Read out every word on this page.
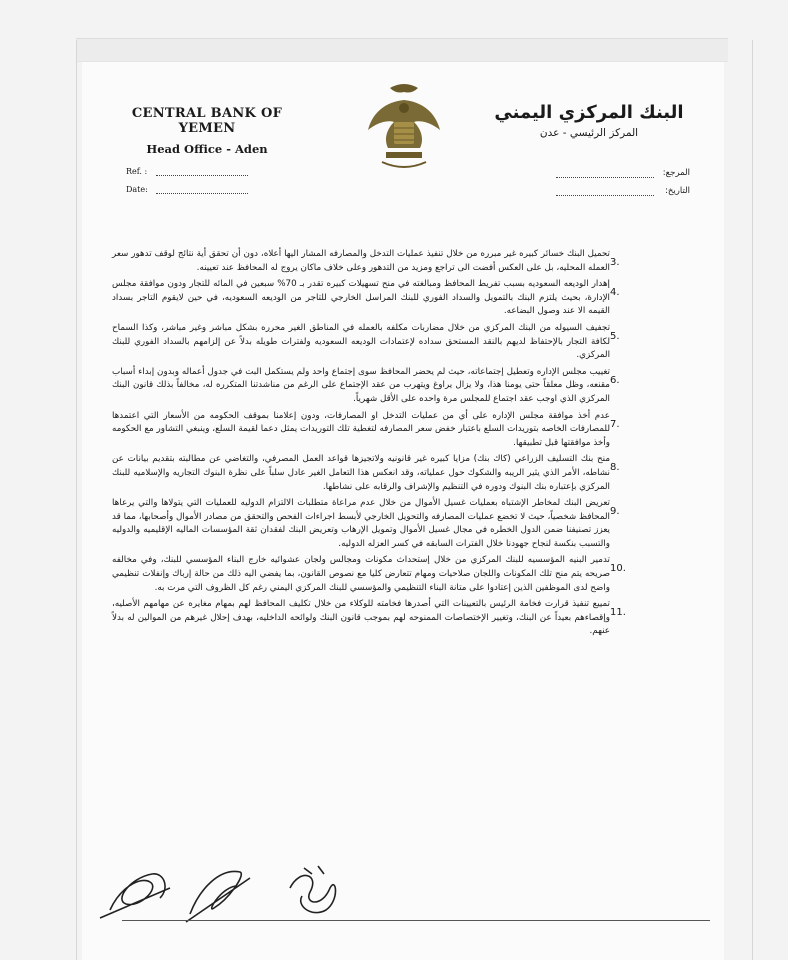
CENTRAL BANK OF YEMEN
Head Office - Aden
البنك المركزي اليمني
المركز الرئيسي - عدن
Ref. :
Date:
المرجع:
التاريخ:
3.
تحميل البنك خسائر كبيره غير مبرره من خلال تنفيذ عمليات التدخل والمصارفه المشار اليها أعلاه، دون أن تحقق أية نتائج لوقف تدهور سعر العمله المحليه، بل على العكس أفضت الى تراجع ومزيد من التدهور وعلى خلاف ماكان يروج له المحافظ عند تعيينه.
4.
إهدار الوديعه السعوديه بسبب تفريط المحافظ ومبالغته في منح تسهيلات كبيره تقدر بـ 70% سبعين في المائه للتجار ودون موافقة مجلس الإدارة، بحيث يلتزم البنك بالتمويل والسداد الفوري للبنك المراسل الخارجي للتاجر من الوديعه السعوديه، في حين لايقوم التاجر بسداد القيمه الا عند وصول البضاعه.
5.
تجفيف السيوله من البنك المركزي من خلال مضاربات مكلفه بالعمله في المناطق الغير محرره بشكل مباشر وغير مباشر، وكذا السماح لكافة التجار بالإحتفاظ لديهم بالنقد المستحق سداده لإعتمادات الوديعه السعوديه ولفترات طويله بدلاً عن إلزامهم بالسداد الفوري للبنك المركزي.
6.
تغييب مجلس الإداره وتعطيل إجتماعاته، حيث لم يحضر المحافظ سوى إجتماع واحد ولم يستكمل البت في جدول أعماله وبدون إبداء أسباب مقنعه، وظل معلقاً حتى يومنا هذا، ولا يزال يراوغ ويتهرب من عقد الإجتماع على الرغم من مناشدتنا المتكرره له، مخالفاً بذلك قانون البنك المركزي الذي اوجب عقد اجتماع للمجلس مرة واحده على الأقل شهرياً.
7.
عدم أخذ موافقة مجلس الإداره على أي من عمليات التدخل او المصارفات، ودون إعلامنا بموقف الحكومه من الأسعار التي اعتمدها للمصارفات الخاصه بتوريدات السلع باعتبار خفض سعر المصارفه لتغطية تلك التوريدات يمثل دعما لقيمة السلع، وينبغي التشاور مع الحكومه وأخذ موافقتها قبل تطبيقها.
8.
منح بنك التسليف الزراعي (كاك بنك) مزايا كبيره غير قانونيه ولاتجيزها قواعد العمل المصرفي، والتغاضي عن مطالبته بتقديم بيانات عن نشاطه، الأمر الذي يثير الريبه والشكوك حول عملياته، وقد انعكس هذا التعامل الغير عادل سلباً على نظرة البنوك التجاريه والإسلاميه للبنك المركزي بإعتباره بنك البنوك ودوره في التنظيم والإشراف والرقابه على نشاطها.
9.
تعريض البنك لمخاطر الإشتباه بعمليات غسيل الأموال من خلال عدم مراعاة متطلبات الالتزام الدوليه للعمليات التي يتولاها والتي يرعاها المحافظ شخصياً، حيث لا تخضع عمليات المصارفه والتحويل الخارجي لأبسط اجراءات الفحص والتحقق من مصادر الأموال وأصحابها، مما قد يعزز تصنيفنا ضمن الدول الخطره في مجال غسيل الأموال وتمويل الإرهاب وتعريض البنك لفقدان ثقة المؤسسات الماليه الإقليميه والدوليه والتسبب بنكسة لنجاح جهودنا خلال الفترات السابقه في كسر العزله الدوليه.
10.
تدمير البنيه المؤسسيه للبنك المركزي من خلال إستحداث مكونات ومجالس ولجان عشوائيه خارج البناء المؤسسي للبنك، وفي مخالفه صريحه يتم منح تلك المكونات واللجان صلاحيات ومهام تتعارض كليا مع نصوص القانون، بما يفضي اليه ذلك من حالة إرباك وإنفلات تنظيمي واضح لدى الموظفين الذين إعتادوا على متانة البناء التنظيمي والمؤسسي للبنك المركزي اليمني رغم كل الظروف التي مرت به.
11.
تمييع تنفيذ قرارت فخامة الرئيس بالتعيينات التي أصدرها فخامته للوكلاء من خلال تكليف المحافظ لهم بمهام مغايره عن مهامهم الأصليه، وإقصاءهم بعيداً عن البنك، وتغيير الإختصاصات الممنوحه لهم بموجب قانون البنك ولوائحه الداخليه، بهدف إحلال غيرهم من الموالين له بدلاً عنهم.
